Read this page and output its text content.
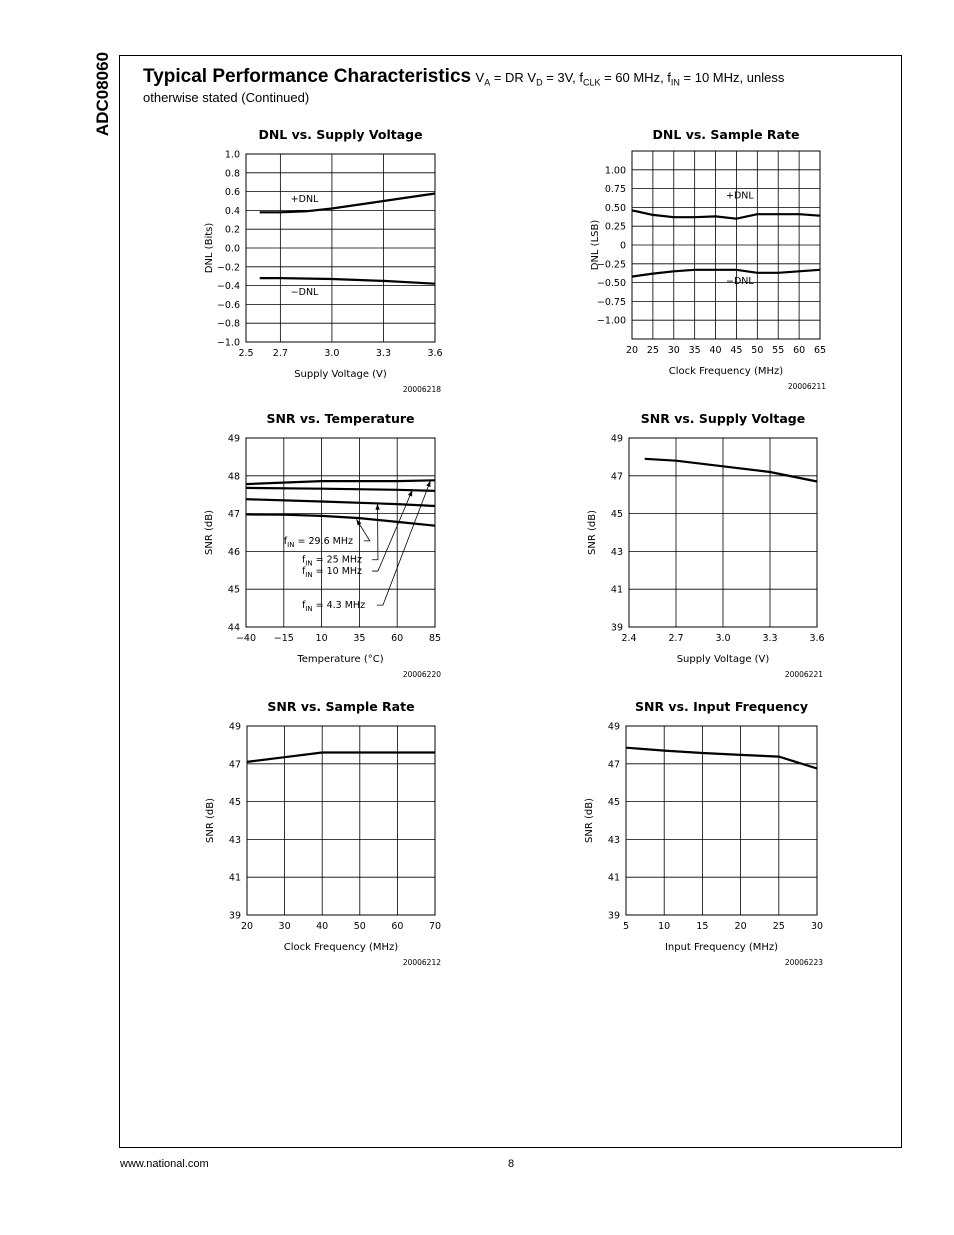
ADC08060 Typical Performance Characteristics $V_A$ = DR $V_D = 3V$, $f_{CLK} = 60$ MHz, $f_{IN} = 10$ MHz, unless
otherwise stated (Continued)
DNL vs. Supply Voltage
2.5 2.7	3.0	3.3	3.6
1.0
0.8
0.6
0.4
0.2
0.0
−0.2
−0.4
−0.6
−0.8
−1.0
Supply Voltage (V)
DNL (Bits)
20006218
+DNL
−DNL
DNL vs. Sample Rate
20 25 30 35 40 45 50 55 60 65
1.00
0.75
0.50
0.25
0
−0.25
−0.50
−0.75
−1.00
Clock Frequency (MHz)
DNL (LSB)
20006211
+DNL
−DNL
SNR vs. Temperature
−40 −15 10	35	60	85
49
48
47
46
45
44
Temperature (°C)
SNR (dB)
20006220
$f_{IN} = 29.6$ MHz
$f_{IN} = 25$ MHz
$f_{IN} = 10$ MHz
$f_{IN} = 4.3$ MHz
SNR vs. Supply Voltage
2.4	2.7	3.0	3.3	3.6
49
47
45
43
41
39
Supply Voltage (V)
SNR (dB)
20006221
SNR vs. Sample Rate
20	30	40	50	60	70
49
47
45
43
41
39
Clock Frequency (MHz)
SNR (dB)
20006212
SNR vs. Input Frequency
5	10	15	20	25	30
49
47
45
43
41
39
Input Frequency (MHz)
SNR (dB)
20006223
www.national.com	8
